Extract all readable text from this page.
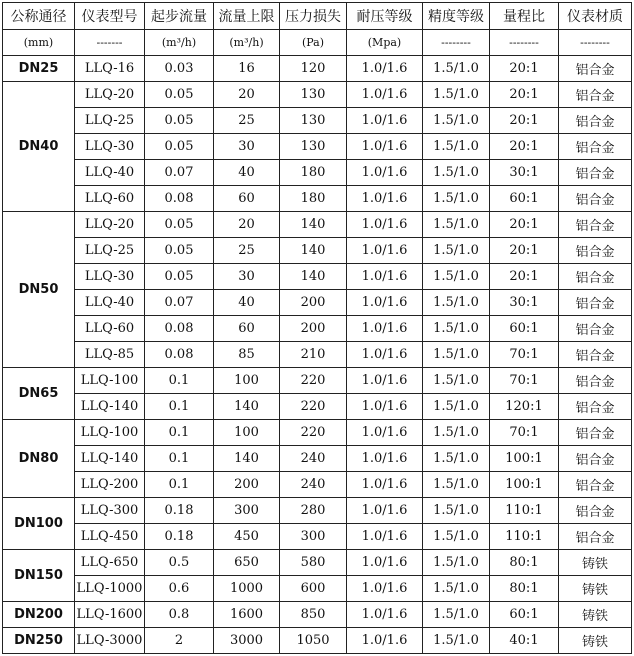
公称通径	仪表型号	起步流量	流量上限	压力损失	耐压等级	精度等级	量程比	仪表材质
(mm)	-------	(m³/h)	(m³/h)	(Pa)	(Mpa)	--------	--------	--------
DN25	LLQ-16	0.03	16	120	1.0/1.6	1.5/1.0	20:1	铝合金
DN40	LLQ-20	0.05	20	130	1.0/1.6	1.5/1.0	20:1	铝合金
	LLQ-25	0.05	25	130	1.0/1.6	1.5/1.0	20:1	铝合金
	LLQ-30	0.05	30	130	1.0/1.6	1.5/1.0	20:1	铝合金
	LLQ-40	0.07	40	180	1.0/1.6	1.5/1.0	30:1	铝合金
	LLQ-60	0.08	60	180	1.0/1.6	1.5/1.0	60:1	铝合金
DN50	LLQ-20	0.05	20	140	1.0/1.6	1.5/1.0	20:1	铝合金
	LLQ-25	0.05	25	140	1.0/1.6	1.5/1.0	20:1	铝合金
	LLQ-30	0.05	30	140	1.0/1.6	1.5/1.0	20:1	铝合金
	LLQ-40	0.07	40	200	1.0/1.6	1.5/1.0	30:1	铝合金
	LLQ-60	0.08	60	200	1.0/1.6	1.5/1.0	60:1	铝合金
	LLQ-85	0.08	85	210	1.0/1.6	1.5/1.0	70:1	铝合金
DN65	LLQ-100	0.1	100	220	1.0/1.6	1.5/1.0	70:1	铝合金
	LLQ-140	0.1	140	220	1.0/1.6	1.5/1.0	120:1	铝合金
DN80	LLQ-100	0.1	100	220	1.0/1.6	1.5/1.0	70:1	铝合金
	LLQ-140	0.1	140	240	1.0/1.6	1.5/1.0	100:1	铝合金
	LLQ-200	0.1	200	240	1.0/1.6	1.5/1.0	100:1	铝合金
DN100	LLQ-300	0.18	300	280	1.0/1.6	1.5/1.0	110:1	铝合金
	LLQ-450	0.18	450	300	1.0/1.6	1.5/1.0	110:1	铝合金
DN150	LLQ-650	0.5	650	580	1.0/1.6	1.5/1.0	80:1	铸铁
	LLQ-1000	0.6	1000	600	1.0/1.6	1.5/1.0	80:1	铸铁
DN200	LLQ-1600	0.8	1600	850	1.0/1.6	1.5/1.0	60:1	铸铁
DN250	LLQ-3000	2	3000	1050	1.0/1.6	1.5/1.0	40:1	铸铁
